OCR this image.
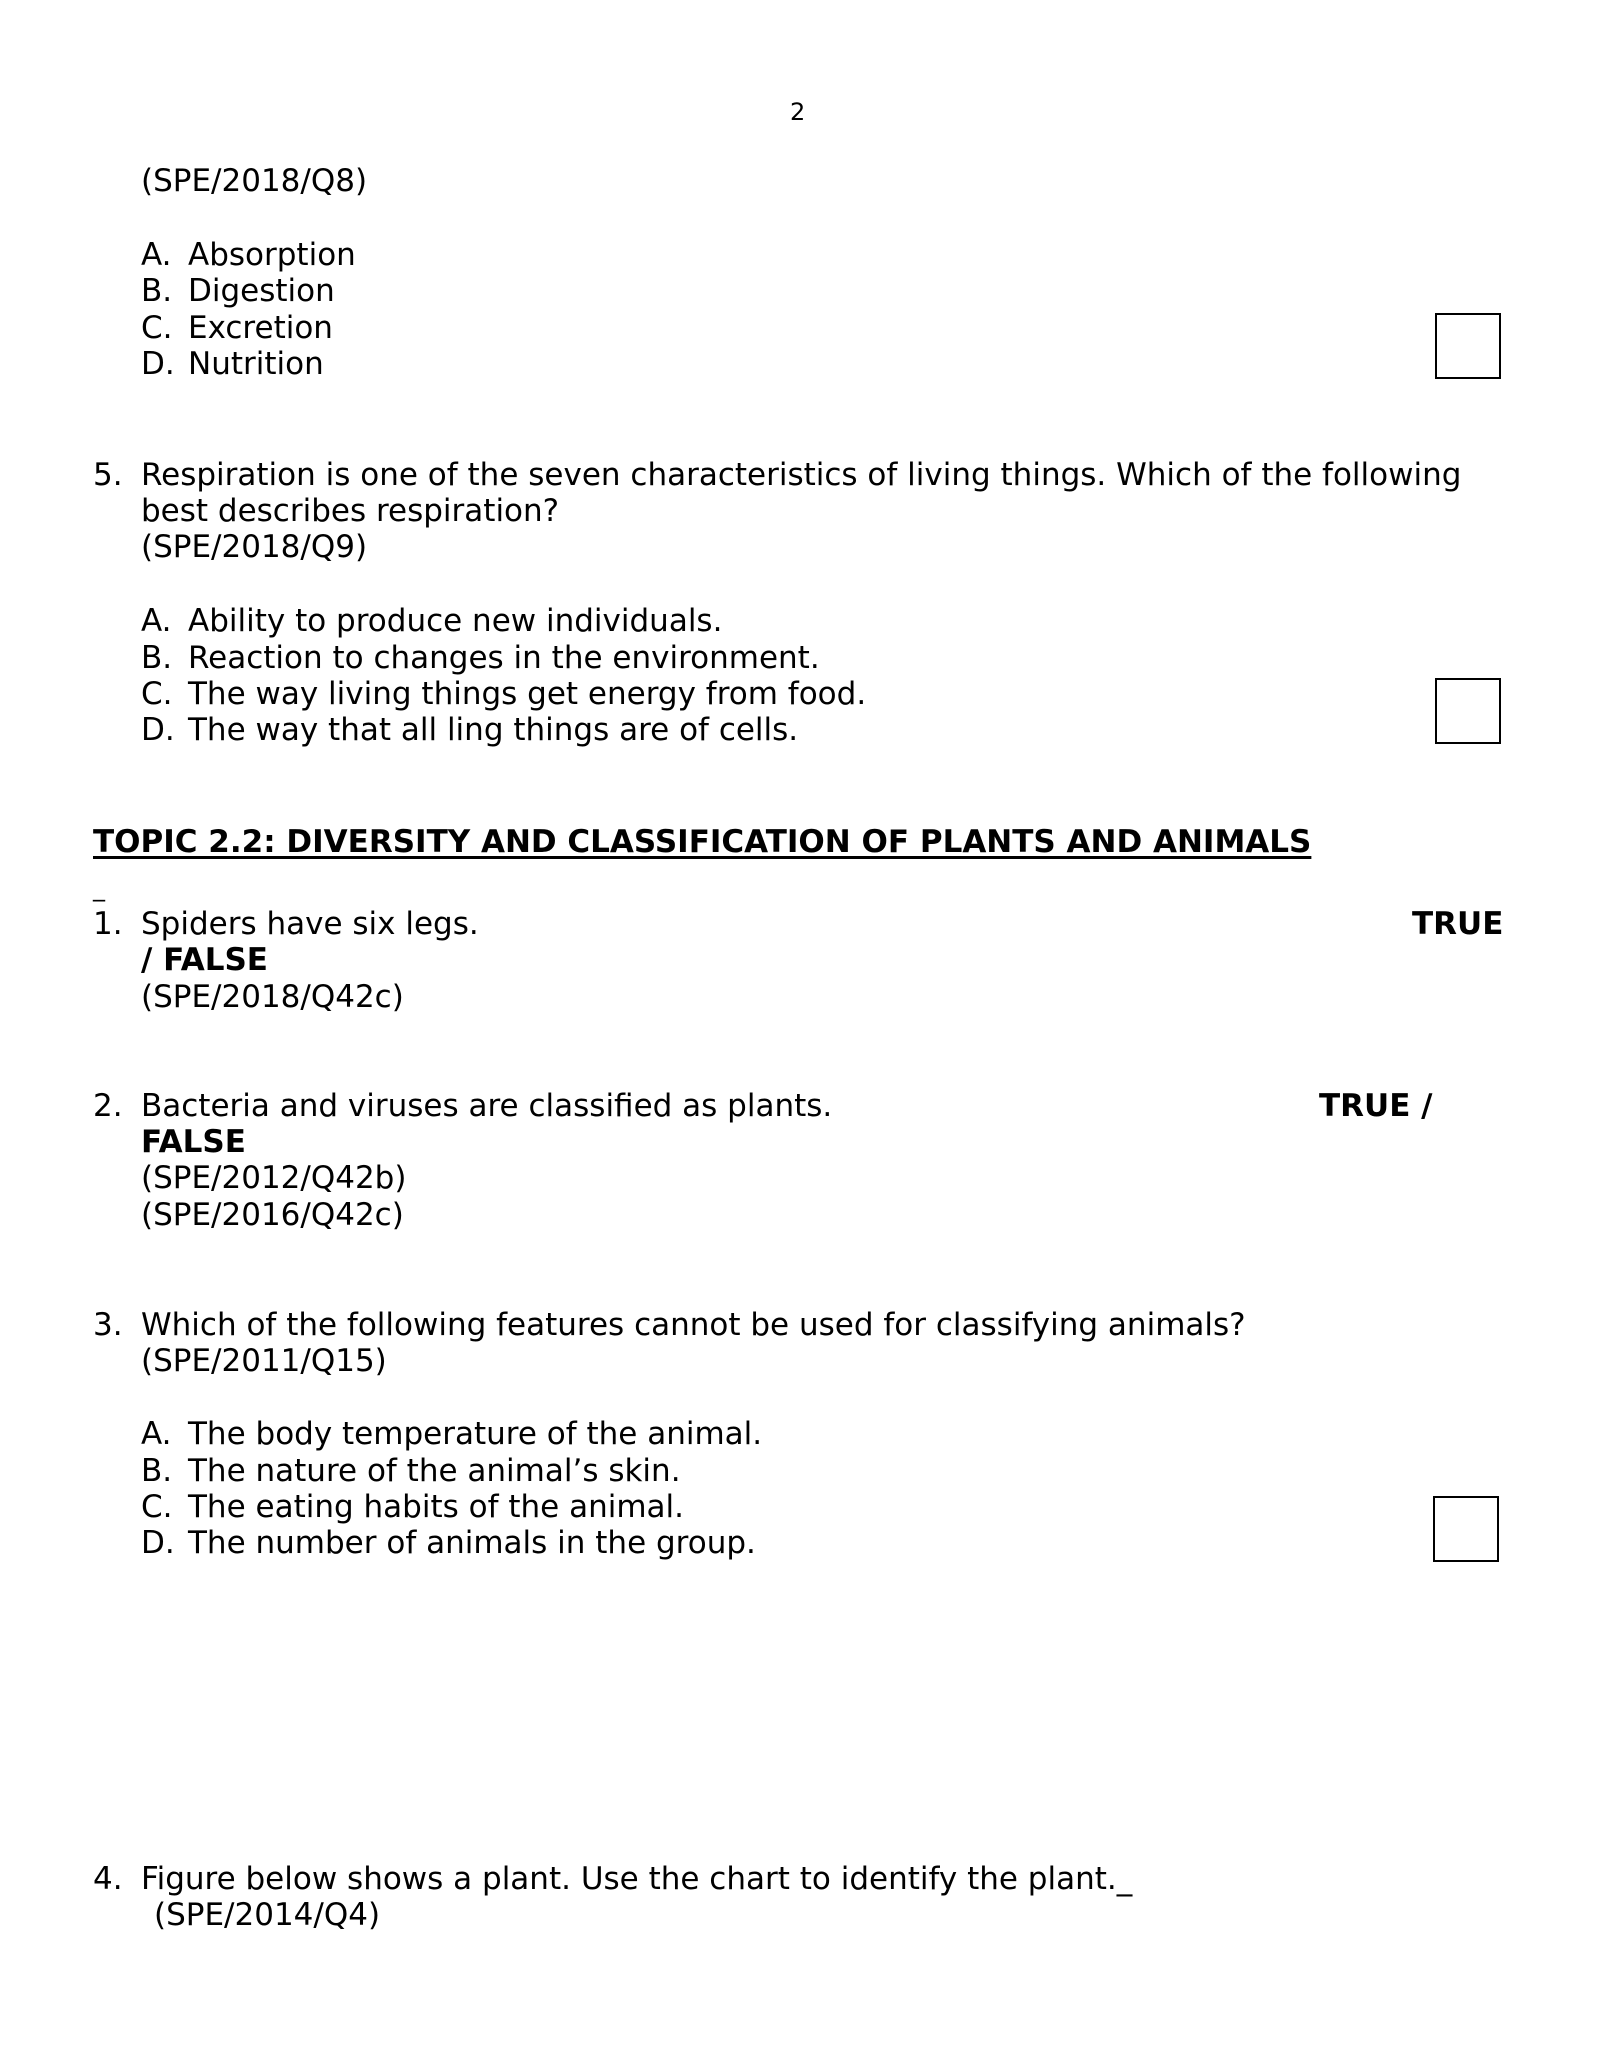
2
(SPE/2018/Q8)
A. Absorption
B. Digestion
C. Excretion
D. Nutrition
5. Respiration is one of the seven characteristics of living things. Which of the following
best describes respiration?
(SPE/2018/Q9)
A. Ability to produce new individuals.
B. Reaction to changes in the environment.
C. The way living things get energy from food.
D. The way that all ling things are of cells.
TOPIC 2.2: DIVERSITY AND CLASSIFICATION OF PLANTS AND ANIMALS
_
1. Spiders have six legs.	TRUE
/ FALSE
(SPE/2018/Q42c)
2. Bacteria and viruses are classified as plants.	TRUE /
FALSE
(SPE/2012/Q42b)
(SPE/2016/Q42c)
3. Which of the following features cannot be used for classifying animals?
(SPE/2011/Q15)
A. The body temperature of the animal.
B. The nature of the animal’s skin.
C. The eating habits of the animal.
D. The number of animals in the group.
4. Figure below shows a plant. Use the chart to identify the plant._
(SPE/2014/Q4)
